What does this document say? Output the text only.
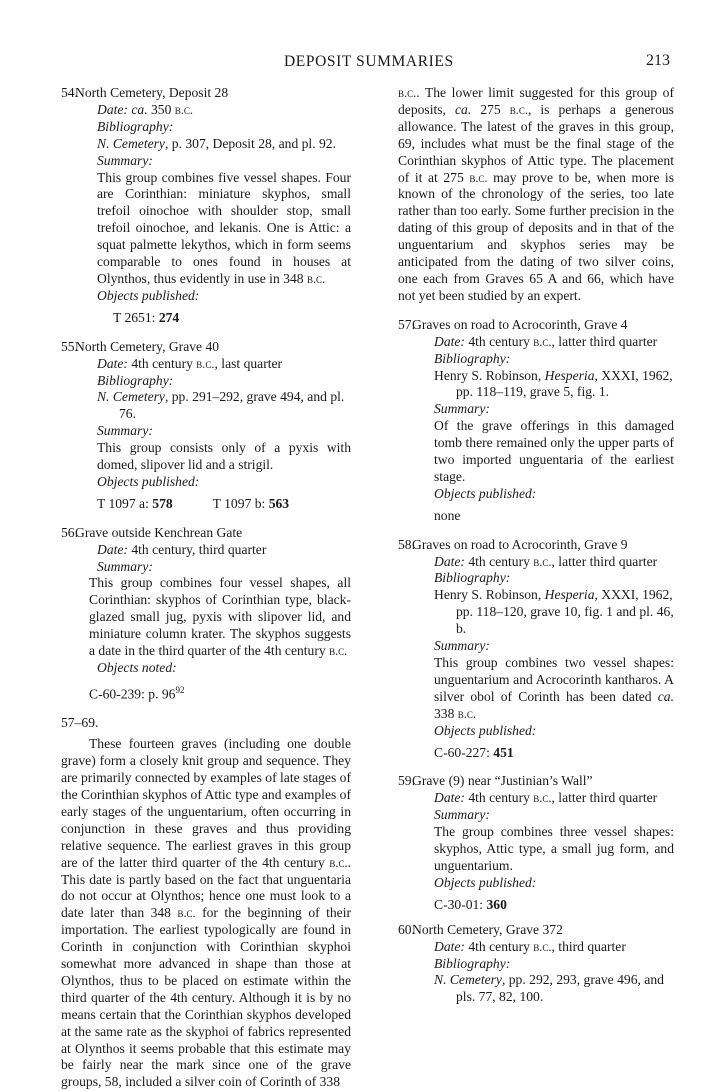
DEPOSIT SUMMARIES	213
54.
North Cemetery, Deposit 28
Date: ca. 350 b.c.
Bibliography:
N. Cemetery, p. 307, Deposit 28, and pl. 92.
Summary:
This group combines five vessel shapes. Four are Corinthian: miniature skyphos, small trefoil oinochoe with shoulder stop, small trefoil oinochoe, and lekanis. One is Attic: a squat palmette lekythos, which in form seems comparable to ones found in houses at Olynthos, thus evidently in use in 348 b.c.
Objects published:
T 2651: 274
55.
North Cemetery, Grave 40
Date: 4th century b.c., last quarter
Bibliography:
N. Cemetery, pp. 291–292, grave 494, and pl. 76.
Summary:
This group consists only of a pyxis with domed, slipover lid and a strigil.
Objects published:
T 1097 a: 578	T 1097 b: 563
56.
Grave outside Kenchrean Gate
Date: 4th century, third quarter
Summary:
This group combines four vessel shapes, all Corinthian: skyphos of Corinthian type, black-glazed small jug, pyxis with slipover lid, and miniature column krater. The skyphos suggests a date in the third quarter of the 4th century b.c.
Objects noted:
C-60-239: p. $96^{92}$
57–69.
These fourteen graves (including one double grave) form a closely knit group and sequence. They are primarily connected by examples of late stages of the Corinthian skyphos of Attic type and examples of early stages of the unguentarium, often occurring in conjunction in these graves and thus providing relative sequence. The earliest graves in this group are of the latter third quarter of the 4th century b.c.. This date is partly based on the fact that unguentaria do not occur at Olynthos; hence one must look to a date later than 348 b.c. for the beginning of their importation. The earliest typologically are found in Corinth in conjunction with Corinthian skyphoi somewhat more advanced in shape than those at Olynthos, thus to be placed on estimate within the third quarter of the 4th century. Although it is by no means certain that the Corinthian skyphos developed at the same rate as the skyphoi of fabrics represented at Olynthos it seems probable that this estimate may be fairly near the mark since one of the grave groups, 58, included a silver coin of Corinth of 338
b.c.. The lower limit suggested for this group of deposits, ca. 275 b.c., is perhaps a generous allowance. The latest of the graves in this group, 69, includes what must be the final stage of the Corinthian skyphos of Attic type. The placement of it at 275 b.c. may prove to be, when more is known of the chronology of the series, too late rather than too early. Some further precision in the dating of this group of deposits and in that of the unguentarium and skyphos series may be anticipated from the dating of two silver coins, one each from Graves 65 A and 66, which have not yet been studied by an expert.
57.
Graves on road to Acrocorinth, Grave 4
Date: 4th century b.c., latter third quarter
Bibliography:
Henry S. Robinson, Hesperia, XXXI, 1962, pp. 118–119, grave 5, fig. 1.
Summary:
Of the grave offerings in this damaged tomb there remained only the upper parts of two imported unguentaria of the earliest stage.
Objects published:
none
58.
Graves on road to Acrocorinth, Grave 9
Date: 4th century b.c., latter third quarter
Bibliography:
Henry S. Robinson, Hesperia, XXXI, 1962, pp. 118–120, grave 10, fig. 1 and pl. 46, b.
Summary:
This group combines two vessel shapes: unguentarium and Acrocorinth kantharos. A silver obol of Corinth has been dated ca. 338 b.c.
Objects published:
C-60-227: 451
59.
Grave (9) near “Justinian’s Wall”
Date: 4th century b.c., latter third quarter
Summary:
The group combines three vessel shapes: skyphos, Attic type, a small jug form, and unguentarium.
Objects published:
C-30-01: 360
60.
North Cemetery, Grave 372
Date: 4th century b.c., third quarter
Bibliography:
N. Cemetery, pp. 292, 293, grave 496, and pls. 77, 82, 100.
